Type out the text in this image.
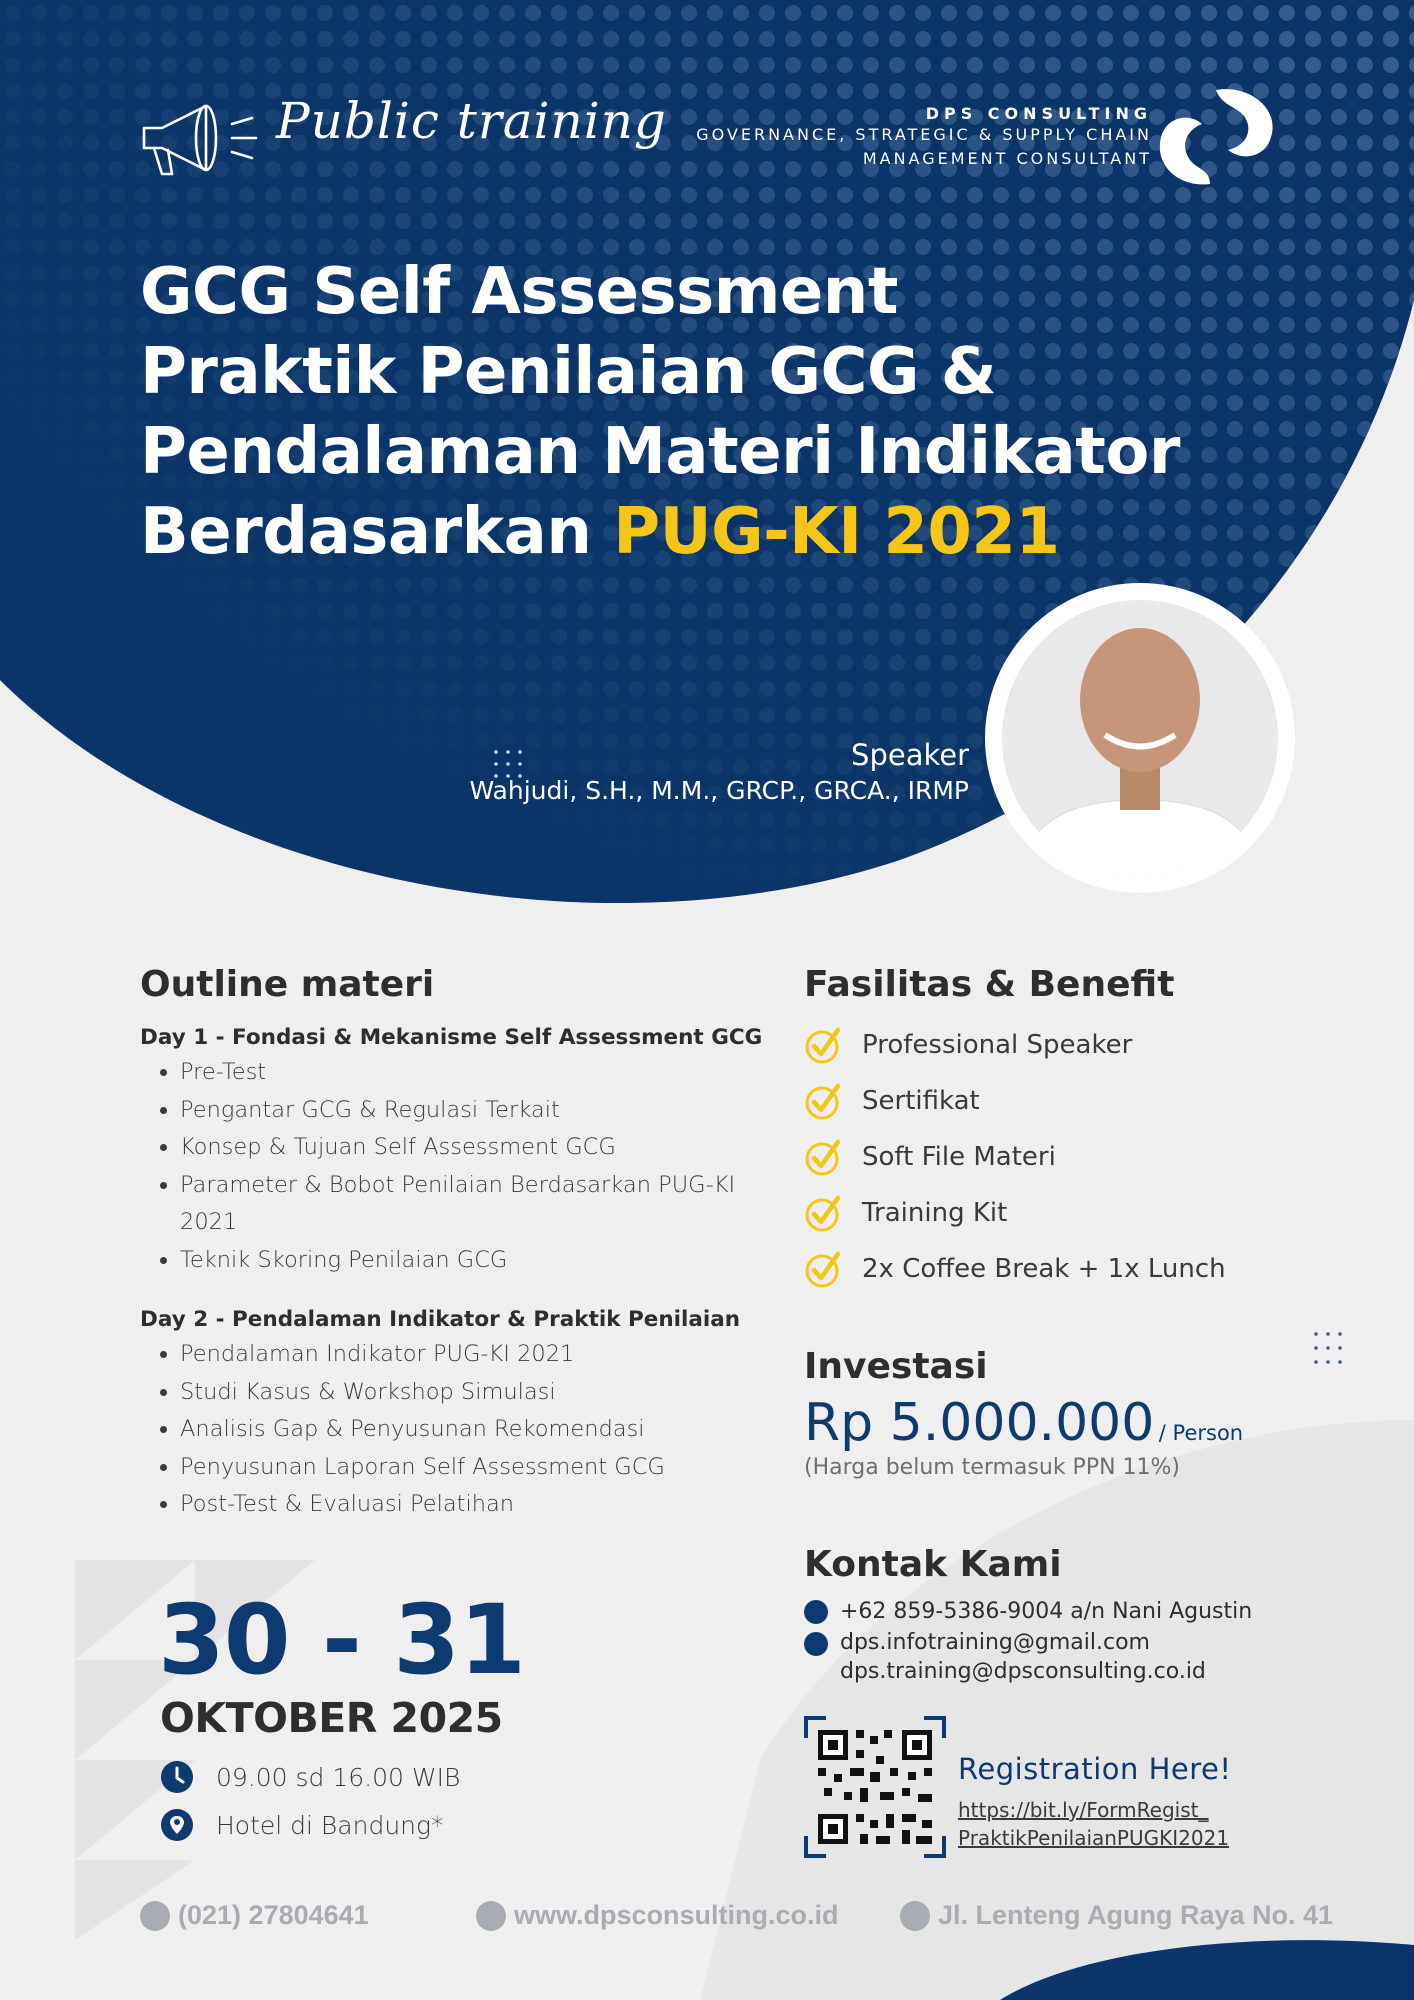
Public training	DPS CONSULTING
GOVERNANCE, STRATEGIC & SUPPLY CHAIN
MANAGEMENT CONSULTANT
GCG Self Assessment
Praktik Penilaian GCG &
Pendalaman Materi Indikator
Berdasarkan PUG-KI 2021
Speaker
Wahjudi, S.H., M.M., GRCP., GRCA., IRMP
Outline materi
Day 1 - Fondasi & Mekanisme Self Assessment GCG
• Pre-Test
• Pengantar GCG & Regulasi Terkait
• Konsep & Tujuan Self Assessment GCG
• Parameter & Bobot Penilaian Berdasarkan PUG-KI 2021
• Teknik Skoring Penilaian GCG
Day 2 - Pendalaman Indikator & Praktik Penilaian
• Pendalaman Indikator PUG-KI 2021
• Studi Kasus & Workshop Simulasi
• Analisis Gap & Penyusunan Rekomendasi
• Penyusunan Laporan Self Assessment GCG
• Post-Test & Evaluasi Pelatihan
Fasilitas & Benefit
Professional Speaker
Sertifikat
Soft File Materi
Training Kit
2x Coffee Break + 1x Lunch
Investasi
Rp 5.000.000 / Person
(Harga belum termasuk PPN 11%)
Kontak Kami
+62 859-5386-9004 a/n Nani Agustin
dps.infotraining@gmail.com
dps.training@dpsconsulting.co.id
Registration Here!
https://bit.ly/FormRegist_
PraktikPenilaianPUGKI2021
30 - 31
OKTOBER 2025
09.00 sd 16.00 WIB
Hotel di Bandung*
(021) 27804641	www.dpsconsulting.co.id	Jl. Lenteng Agung Raya No. 41
